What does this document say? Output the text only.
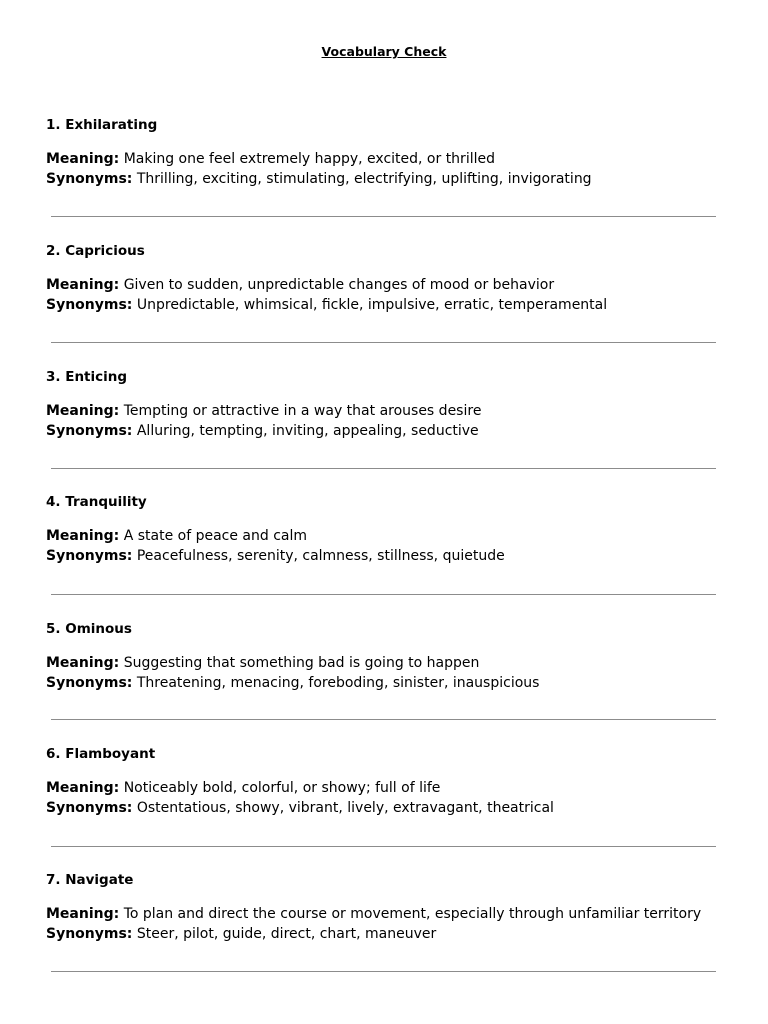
Vocabulary Check

1. Exhilarating

Meaning: Making one feel extremely happy, excited, or thrilled

Synonyms: Thrilling, exciting, stimulating, electrifying, uplifting, invigorating

2. Capricious

Meaning: Given to sudden, unpredictable changes of mood or behavior

Synonyms: Unpredictable, whimsical, fickle, impulsive, erratic, temperamental

3. Enticing

Meaning: Tempting or attractive in a way that arouses desire

Synonyms: Alluring, tempting, inviting, appealing, seductive

4. Tranquility

Meaning: A state of peace and calm

Synonyms: Peacefulness, serenity, calmness, stillness, quietude

5. Ominous

Meaning: Suggesting that something bad is going to happen

Synonyms: Threatening, menacing, foreboding, sinister, inauspicious

6. Flamboyant

Meaning: Noticeably bold, colorful, or showy; full of life

Synonyms: Ostentatious, showy, vibrant, lively, extravagant, theatrical

7. Navigate

Meaning: To plan and direct the course or movement, especially through unfamiliar territory

Synonyms: Steer, pilot, guide, direct, chart, maneuver
